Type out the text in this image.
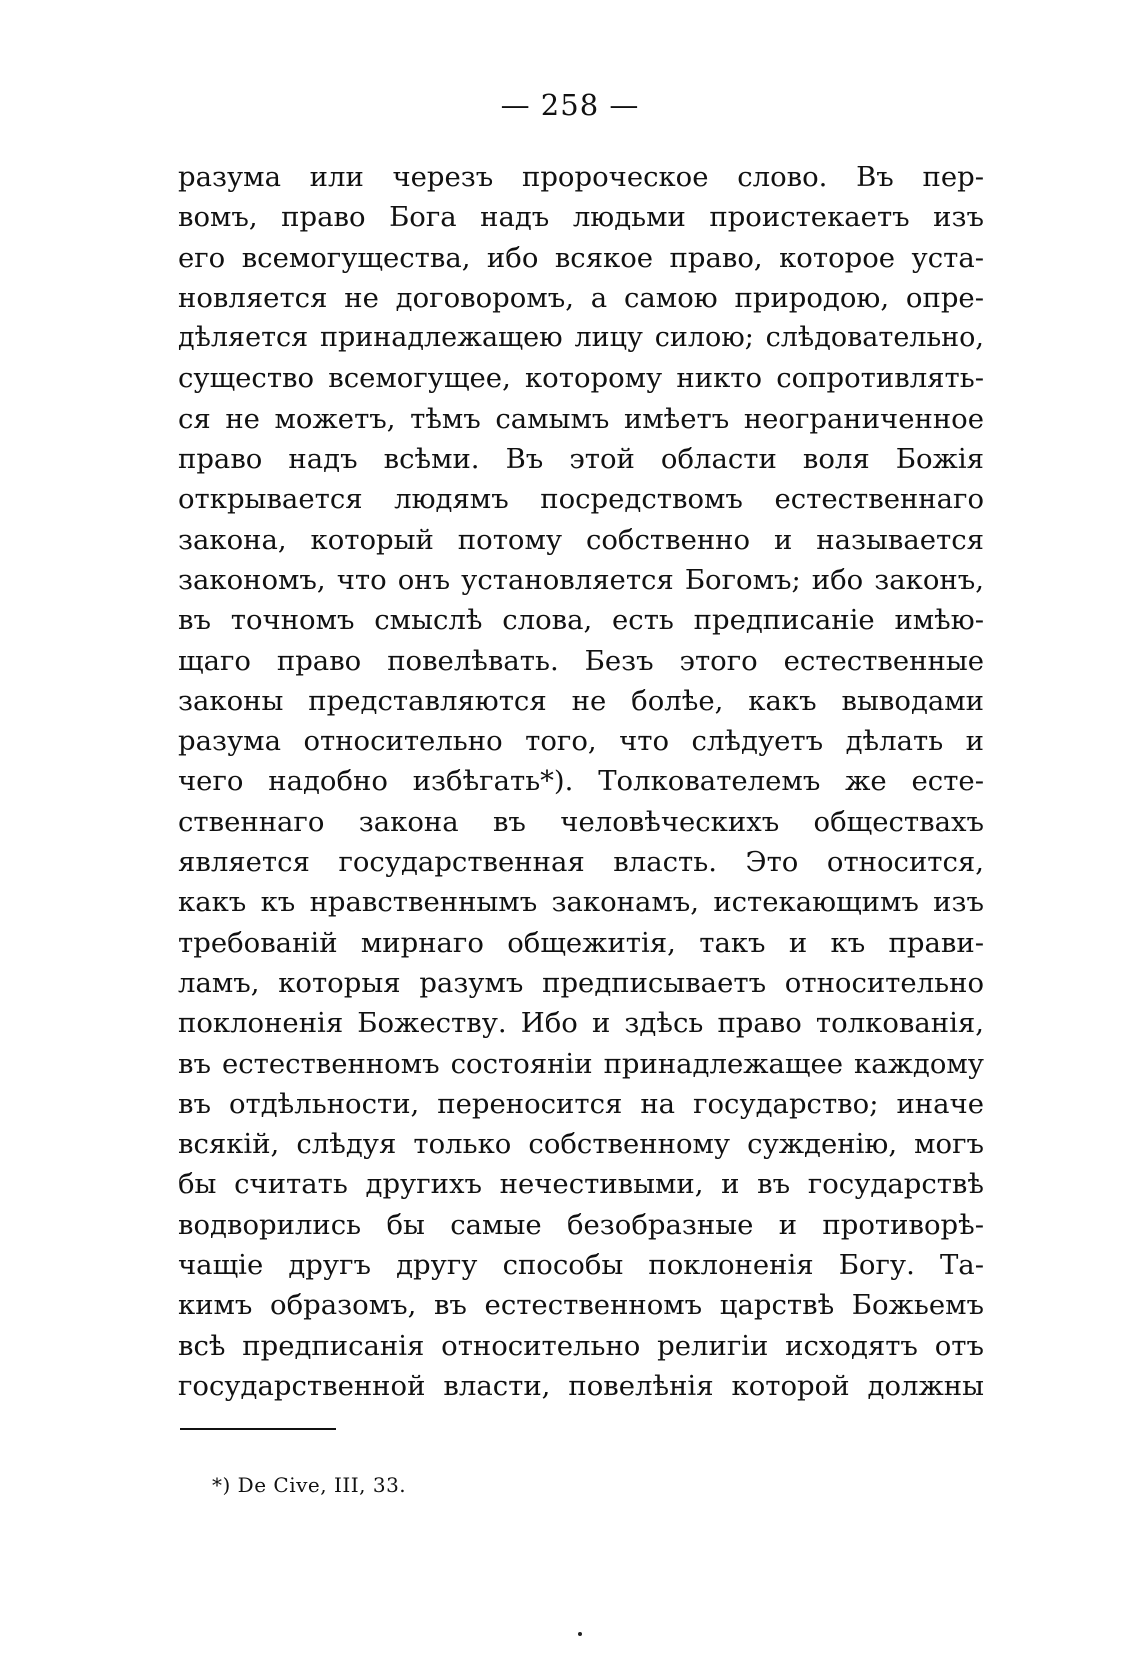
— 258 —
разума или черезъ пророческое слово. Въ пер-
вомъ, право Бога надъ людьми проистекаетъ изъ
его всемогущества, ибо всякое право, которое уста-
новляется не договоромъ, а самою природою, опре-
дѣляется принадлежащею лицу силою; слѣдовательно,
существо всемогущее, которому никто сопротивлять-
ся не можетъ, тѣмъ самымъ имѣетъ неограниченное
право надъ всѣми. Въ этой области воля Божія
открывается людямъ посредствомъ естественнаго
закона, который потому собственно и называется
закономъ, что онъ установляется Богомъ; ибо законъ,
въ точномъ смыслѣ слова, есть предписаніе имѣю-
щаго право повелѣвать. Безъ этого естественные
законы представляются не болѣе, какъ выводами
разума относительно того, что слѣдуетъ дѣлать и
чего надобно избѣгать*). Толкователемъ же есте-
ственнаго закона въ человѣческихъ обществахъ
является государственная власть. Это относится,
какъ къ нравственнымъ законамъ, истекающимъ изъ
требованій мирнаго общежитія, такъ и къ прави-
ламъ, которыя разумъ предписываетъ относительно
поклоненія Божеству. Ибо и здѣсь право толкованія,
въ естественномъ состояніи принадлежащее каждому
въ отдѣльности, переносится на государство; иначе
всякій, слѣдуя только собственному сужденію, могъ
бы считать другихъ нечестивыми, и въ государствѣ
водворились бы самые безобразные и противорѣ-
чащіе другъ другу способы поклоненія Богу. Та-
кимъ образомъ, въ естественномъ царствѣ Божьемъ
всѣ предписанія относительно религіи исходятъ отъ
государственной власти, повелѣнія которой должны
*) De Cive, III, 33.
